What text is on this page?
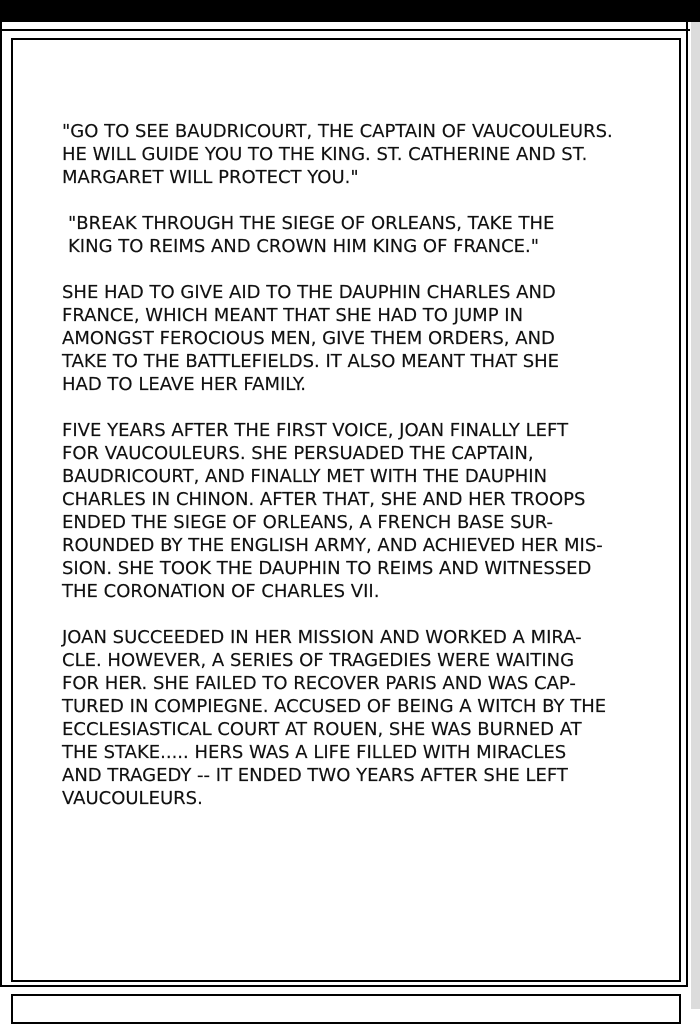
"GO TO SEE BAUDRICOURT, THE CAPTAIN OF VAUCOULEURS.
HE WILL GUIDE YOU TO THE KING. ST. CATHERINE AND ST.
MARGARET WILL PROTECT YOU."

"BREAK THROUGH THE SIEGE OF ORLEANS, TAKE THE
KING TO REIMS AND CROWN HIM KING OF FRANCE."

SHE HAD TO GIVE AID TO THE DAUPHIN CHARLES AND
FRANCE, WHICH MEANT THAT SHE HAD TO JUMP IN
AMONGST FEROCIOUS MEN, GIVE THEM ORDERS, AND
TAKE TO THE BATTLEFIELDS. IT ALSO MEANT THAT SHE
HAD TO LEAVE HER FAMILY.

FIVE YEARS AFTER THE FIRST VOICE, JOAN FINALLY LEFT
FOR VAUCOULEURS. SHE PERSUADED THE CAPTAIN,
BAUDRICOURT, AND FINALLY MET WITH THE DAUPHIN
CHARLES IN CHINON. AFTER THAT, SHE AND HER TROOPS
ENDED THE SIEGE OF ORLEANS, A FRENCH BASE SUR-
ROUNDED BY THE ENGLISH ARMY, AND ACHIEVED HER MIS-
SION. SHE TOOK THE DAUPHIN TO REIMS AND WITNESSED
THE CORONATION OF CHARLES VII.

JOAN SUCCEEDED IN HER MISSION AND WORKED A MIRA-
CLE. HOWEVER, A SERIES OF TRAGEDIES WERE WAITING
FOR HER. SHE FAILED TO RECOVER PARIS AND WAS CAP-
TURED IN COMPIEGNE. ACCUSED OF BEING A WITCH BY THE
ECCLESIASTICAL COURT AT ROUEN, SHE WAS BURNED AT
THE STAKE..... HERS WAS A LIFE FILLED WITH MIRACLES
AND TRAGEDY -- IT ENDED TWO YEARS AFTER SHE LEFT
VAUCOULEURS.
